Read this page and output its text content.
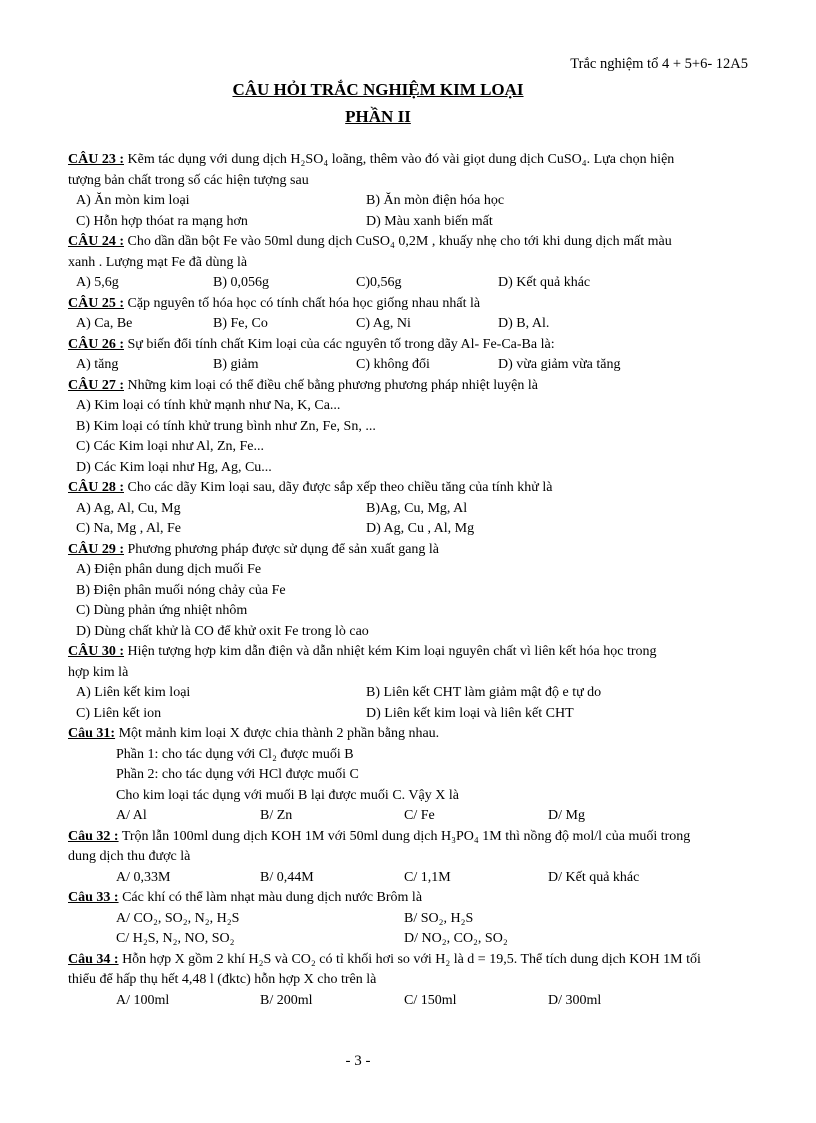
Trắc nghiệm tổ 4 + 5+6- 12A5
CÂU HỎI TRẮC NGHIỆM KIM LOẠI
PHẦN II
CÂU 23 : Kẽm tác dụng với dung dịch H₂SO₄ loãng, thêm vào đó vài giọt dung dịch CuSO₄. Lựa chọn hiện
tượng bản chất trong số các hiện tượng sau
A) Ăn mòn kim loại	B) Ăn mòn điện hóa học
C) Hỗn hợp thóat ra mạng hơn	D) Màu xanh biến mất
CÂU 24 : Cho dần dần bột Fe vào 50ml dung dịch CuSO₄ 0,2M , khuấy nhẹ cho tới khi dung dịch mất màu
xanh . Lượng mạt Fe đã dùng là
A) 5,6g	B) 0,056g	C)0,56g	D) Kết quả khác
CÂU 25 : Cặp nguyên tố hóa học có tính chất hóa học giống nhau nhất là
A) Ca, Be	B) Fe, Co	C) Ag, Ni	D) B, Al.
CÂU 26 : Sự biến đổi tính chất Kim loại của các nguyên tố trong dãy Al- Fe-Ca-Ba là:
A) tăng	B) giảm	C) không đổi	D) vừa giảm vừa tăng
CÂU 27 : Những kim loại có thể điều chế bằng phương phương pháp nhiệt luyện là
A) Kim loại có tính khử mạnh như Na, K, Ca...
B) Kim loại có tính khử trung bình như Zn, Fe, Sn, ...
C) Các Kim loại như Al, Zn, Fe...
D) Các Kim loại như Hg, Ag, Cu...
CÂU 28 : Cho các dãy Kim loại sau, dãy được sắp xếp theo chiều tăng của tính khử là
A) Ag, Al, Cu, Mg	B)Ag, Cu, Mg, Al
C) Na, Mg , Al, Fe	D) Ag, Cu , Al, Mg
CÂU 29 : Phương phương pháp được sử dụng để sản xuất gang là
A) Điện phân dung dịch muối Fe
B) Điện phân muối nóng chảy của Fe
C) Dùng phản ứng nhiệt nhôm
D) Dùng chất khử là CO để khử oxit Fe trong lò cao
CÂU 30 : Hiện tượng hợp kim dẫn điện và dẫn nhiệt kém Kim loại nguyên chất vì liên kết hóa học trong
hợp kim là
A) Liên kết kim loại	B) Liên kết CHT làm giảm mật độ e tự do
C) Liên kết ion	D) Liên kết kim loại và liên kết CHT
Câu 31: Một mảnh kim loại X được chia thành 2 phần bằng nhau.
Phần 1: cho tác dụng với Cl₂ được muối B
Phần 2: cho tác dụng với HCl được muối C
Cho kim loại tác dụng với muối B lại được muối C. Vậy X là
A/ Al	B/ Zn	C/ Fe	D/ Mg
Câu 32 : Trộn lẫn 100ml dung dịch KOH 1M với 50ml dung dịch H₃PO₄ 1M thì nồng độ mol/l của muối trong
dung dịch thu được là
A/ 0,33M	B/ 0,44M	C/ 1,1M	D/ Kết quả khác
Câu 33 : Các khí có thể làm nhạt màu dung dịch nước Brôm là
A/ CO₂, SO₂, N₂, H₂S	B/ SO₂, H₂S
C/ H₂S, N₂, NO, SO₂	D/ NO₂, CO₂, SO₂
Câu 34 : Hỗn hợp X gồm 2 khí H₂S và CO₂ có tỉ khối hơi so với H₂ là d = 19,5. Thể tích dung dịch KOH 1M tối
thiểu để hấp thụ hết 4,48 l (đktc) hỗn hợp X cho trên là
A/ 100ml	B/ 200ml	C/ 150ml	D/ 300ml
- 3 -
